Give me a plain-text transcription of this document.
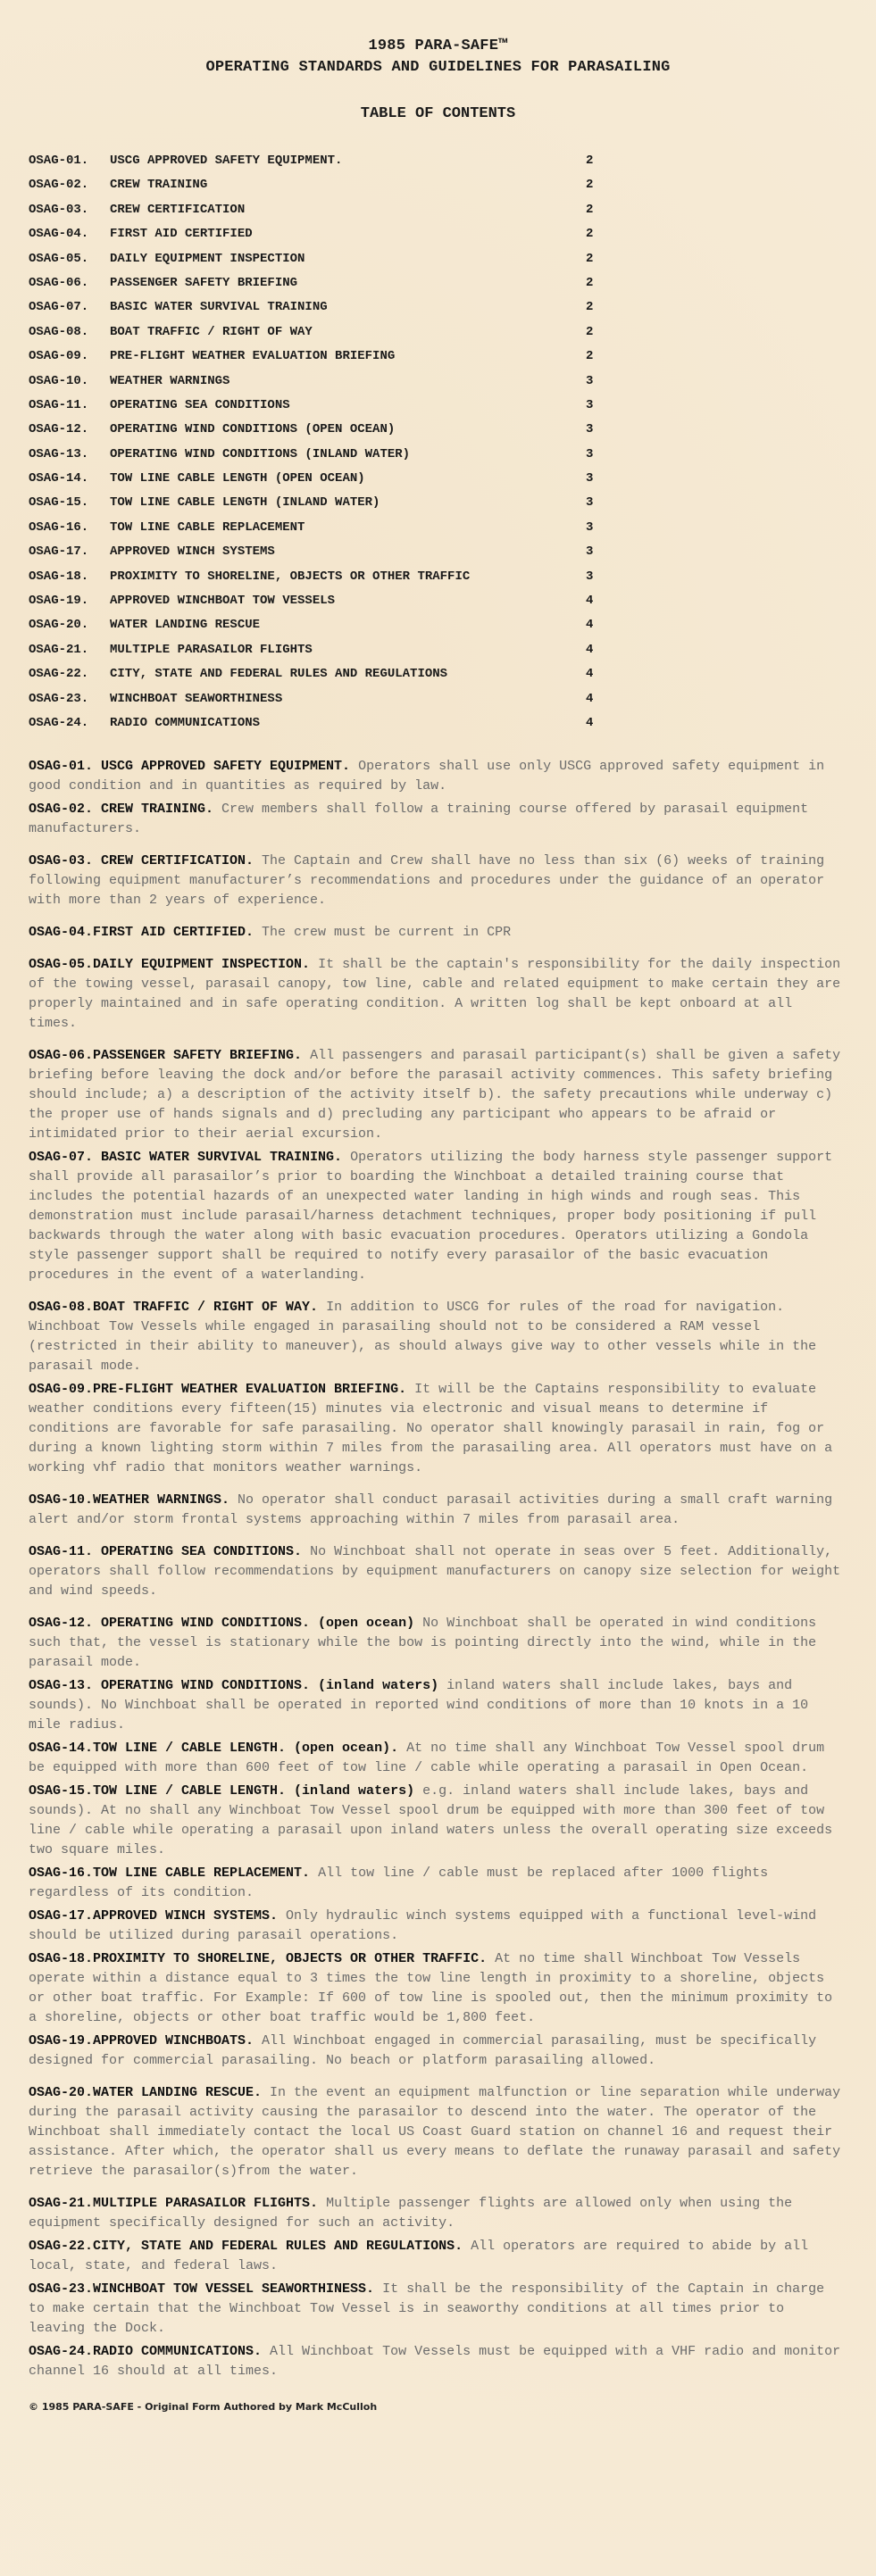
1985 PARA-SAFE™
OPERATING STANDARDS AND GUIDELINES FOR PARASAILING
TABLE OF CONTENTS
OSAG-01.	USCG APPROVED SAFETY EQUIPMENT.	2
OSAG-02.	CREW TRAINING	2
OSAG-03.	CREW CERTIFICATION	2
OSAG-04.	FIRST AID CERTIFIED	2
OSAG-05.	DAILY EQUIPMENT INSPECTION	2
OSAG-06.	PASSENGER SAFETY BRIEFING	2
OSAG-07.	BASIC WATER SURVIVAL TRAINING	2
OSAG-08.	BOAT TRAFFIC / RIGHT OF WAY	2
OSAG-09.	PRE-FLIGHT WEATHER EVALUATION BRIEFING	2
OSAG-10.	WEATHER WARNINGS	3
OSAG-11.	OPERATING SEA CONDITIONS	3
OSAG-12.	OPERATING WIND CONDITIONS (OPEN OCEAN)	3
OSAG-13.	OPERATING WIND CONDITIONS (INLAND WATER)	3
OSAG-14.	TOW LINE CABLE LENGTH (OPEN OCEAN)	3
OSAG-15.	TOW LINE CABLE LENGTH (INLAND WATER)	3
OSAG-16.	TOW LINE CABLE REPLACEMENT	3
OSAG-17.	APPROVED WINCH SYSTEMS	3
OSAG-18.	PROXIMITY TO SHORELINE, OBJECTS OR OTHER TRAFFIC	3
OSAG-19.	APPROVED WINCHBOAT TOW VESSELS	4
OSAG-20.	WATER LANDING RESCUE	4
OSAG-21.	MULTIPLE PARASAILOR FLIGHTS	4
OSAG-22.	CITY, STATE AND FEDERAL RULES AND REGULATIONS	4
OSAG-23.	WINCHBOAT SEAWORTHINESS	4
OSAG-24.	RADIO COMMUNICATIONS	4

OSAG-01. USCG APPROVED SAFETY EQUIPMENT. Operators shall use only USCG approved safety equipment in good condition and in quantities as required by law.

OSAG-02. CREW TRAINING. Crew members shall follow a training course offered by parasail equipment manufacturers.

OSAG-03. CREW CERTIFICATION. The Captain and Crew shall have no less than six (6) weeks of training following equipment manufacturer’s recommendations and procedures under the guidance of an operator with more than 2 years of experience.

OSAG-04.FIRST AID CERTIFIED. The crew must be current in CPR

OSAG-05.DAILY EQUIPMENT INSPECTION. It shall be the captain's responsibility for the daily inspection of the towing vessel, parasail canopy, tow line, cable and related equipment to make certain they are properly maintained and in safe operating condition. A written log shall be kept onboard at all times.

OSAG-06.PASSENGER SAFETY BRIEFING. All passengers and parasail participant(s) shall be given a safety briefing before leaving the dock and/or before the parasail activity commences. This safety briefing should include; a) a description of the activity itself b). the safety precautions while underway c) the proper use of hands signals and d) precluding any participant who appears to be afraid or intimidated prior to their aerial excursion.

OSAG-07. BASIC WATER SURVIVAL TRAINING. Operators utilizing the body harness style passenger support shall provide all parasailor’s prior to boarding the Winchboat a detailed training course that includes the potential hazards of an unexpected water landing in high winds and rough seas. This demonstration must include parasail/harness detachment techniques, proper body positioning if pull backwards through the water along with basic evacuation procedures. Operators utilizing a Gondola style passenger support shall be required to notify every parasailor of the basic evacuation procedures in the event of a waterlanding.

OSAG-08.BOAT TRAFFIC / RIGHT OF WAY. In addition to USCG for rules of the road for navigation. Winchboat Tow Vessels while engaged in parasailing should not to be considered a RAM vessel (restricted in their ability to maneuver), as should always give way to other vessels while in the parasail mode.

OSAG-09.PRE-FLIGHT WEATHER EVALUATION BRIEFING. It will be the Captains responsibility to evaluate weather conditions every fifteen(15) minutes via electronic and visual means to determine if conditions are favorable for safe parasailing. No operator shall knowingly parasail in rain, fog or during a known lighting storm within 7 miles from the parasailing area. All operators must have on a working vhf radio that monitors weather warnings.

OSAG-10.WEATHER WARNINGS. No operator shall conduct parasail activities during a small craft warning alert and/or storm frontal systems approaching within 7 miles from parasail area.

OSAG-11. OPERATING SEA CONDITIONS. No Winchboat shall not operate in seas over 5 feet. Additionally, operators shall follow recommendations by equipment manufacturers on canopy size selection for weight and wind speeds.

OSAG-12. OPERATING WIND CONDITIONS. (open ocean) No Winchboat shall be operated in wind conditions such that, the vessel is stationary while the bow is pointing directly into the wind, while in the parasail mode.

OSAG-13. OPERATING WIND CONDITIONS. (inland waters) inland waters shall include lakes, bays and sounds). No Winchboat shall be operated in reported wind conditions of more than 10 knots in a 10 mile radius.

OSAG-14.TOW LINE / CABLE LENGTH. (open ocean). At no time shall any Winchboat Tow Vessel spool drum be equipped with more than 600 feet of tow line / cable while operating a parasail in Open Ocean.

OSAG-15.TOW LINE / CABLE LENGTH. (inland waters) e.g. inland waters shall include lakes, bays and sounds). At no shall any Winchboat Tow Vessel spool drum be equipped with more than 300 feet of tow line / cable while operating a parasail upon inland waters unless the overall operating size exceeds two square miles.

OSAG-16.TOW LINE CABLE REPLACEMENT. All tow line / cable must be replaced after 1000 flights regardless of its condition.

OSAG-17.APPROVED WINCH SYSTEMS. Only hydraulic winch systems equipped with a functional level-wind should be utilized during parasail operations.

OSAG-18.PROXIMITY TO SHORELINE, OBJECTS OR OTHER TRAFFIC. At no time shall Winchboat Tow Vessels operate within a distance equal to 3 times the tow line length in proximity to a shoreline, objects or other boat traffic. For Example: If 600 of tow line is spooled out, then the minimum proximity to a shoreline, objects or other boat traffic would be 1,800 feet.

OSAG-19.APPROVED WINCHBOATS. All Winchboat engaged in commercial parasailing, must be specifically designed for commercial parasailing. No beach or platform parasailing allowed.

OSAG-20.WATER LANDING RESCUE. In the event an equipment malfunction or line separation while underway during the parasail activity causing the parasailor to descend into the water. The operator of the Winchboat shall immediately contact the local US Coast Guard station on channel 16 and request their assistance. After which, the operator shall us every means to deflate the runaway parasail and safety retrieve the parasailor(s)from the water.

OSAG-21.MULTIPLE PARASAILOR FLIGHTS. Multiple passenger flights are allowed only when using the equipment specifically designed for such an activity.

OSAG-22.CITY, STATE AND FEDERAL RULES AND REGULATIONS. All operators are required to abide by all local, state, and federal laws.

OSAG-23.WINCHBOAT TOW VESSEL SEAWORTHINESS. It shall be the responsibility of the Captain in charge to make certain that the Winchboat Tow Vessel is in seaworthy conditions at all times prior to leaving the Dock.

OSAG-24.RADIO COMMUNICATIONS. All Winchboat Tow Vessels must be equipped with a VHF radio and monitor channel 16 should at all times.

© 1985 PARA-SAFE - Original Form Authored by Mark McCulloh
